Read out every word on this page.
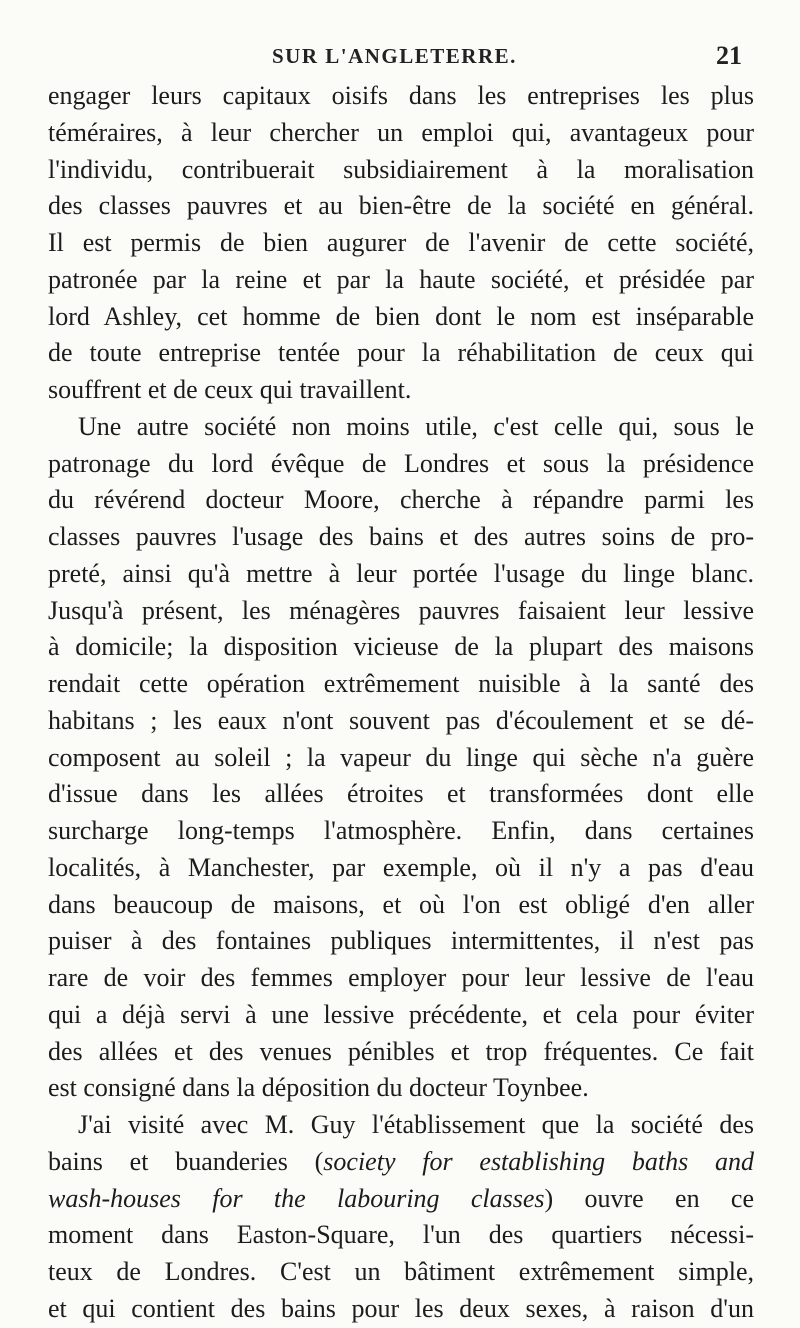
SUR L'ANGLETERRE.	21
engager leurs capitaux oisifs dans les entreprises les plus
téméraires, à leur chercher un emploi qui, avantageux pour
l'individu, contribuerait subsidiairement à la moralisation
des classes pauvres et au bien-être de la société en général.
Il est permis de bien augurer de l'avenir de cette société,
patronée par la reine et par la haute société, et présidée par
lord Ashley, cet homme de bien dont le nom est inséparable
de toute entreprise tentée pour la réhabilitation de ceux qui
souffrent et de ceux qui travaillent.
Une autre société non moins utile, c'est celle qui, sous le
patronage du lord évêque de Londres et sous la présidence
du révérend docteur Moore, cherche à répandre parmi les
classes pauvres l'usage des bains et des autres soins de pro-
preté, ainsi qu'à mettre à leur portée l'usage du linge blanc.
Jusqu'à présent, les ménagères pauvres faisaient leur lessive
à domicile; la disposition vicieuse de la plupart des maisons
rendait cette opération extrêmement nuisible à la santé des
habitans ; les eaux n'ont souvent pas d'écoulement et se dé-
composent au soleil ; la vapeur du linge qui sèche n'a guère
d'issue dans les allées étroites et transformées dont elle
surcharge long-temps l'atmosphère. Enfin, dans certaines
localités, à Manchester, par exemple, où il n'y a pas d'eau
dans beaucoup de maisons, et où l'on est obligé d'en aller
puiser à des fontaines publiques intermittentes, il n'est pas
rare de voir des femmes employer pour leur lessive de l'eau
qui a déjà servi à une lessive précédente, et cela pour éviter
des allées et des venues pénibles et trop fréquentes. Ce fait
est consigné dans la déposition du docteur Toynbee.
J'ai visité avec M. Guy l'établissement que la société des
bains et buanderies (society for establishing baths and
wash-houses for the labouring classes) ouvre en ce
moment dans Easton-Square, l'un des quartiers nécessi-
teux de Londres. C'est un bâtiment extrêmement simple,
et qui contient des bains pour les deux sexes, à raison d'un
